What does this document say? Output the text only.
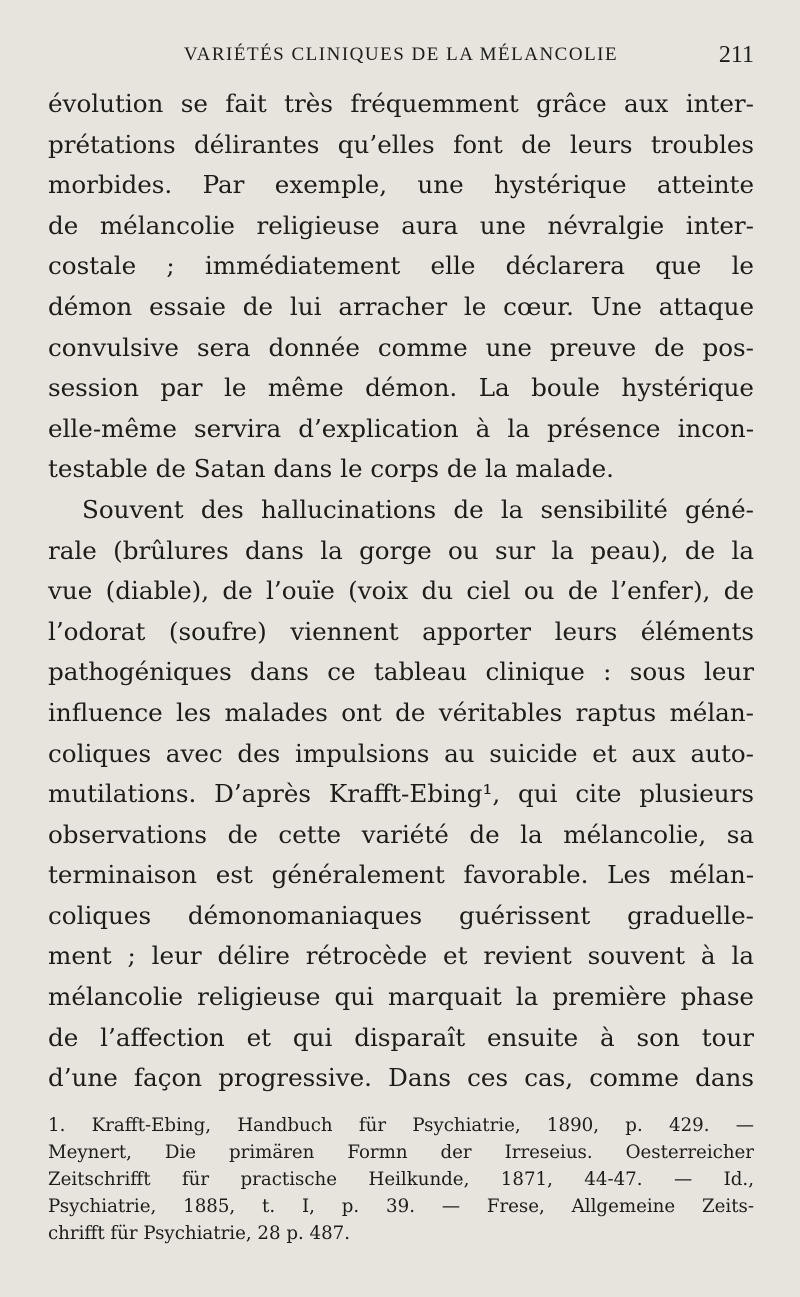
VARIÉTÉS CLINIQUES DE LA MÉLANCOLIE	211
évolution se fait très fréquemment grâce aux inter-
prétations délirantes qu’elles font de leurs troubles
morbides. Par exemple, une hystérique atteinte
de mélancolie religieuse aura une névralgie inter-
costale ; immédiatement elle déclarera que le
démon essaie de lui arracher le cœur. Une attaque
convulsive sera donnée comme une preuve de pos-
session par le même démon. La boule hystérique
elle-même servira d’explication à la présence incon-
testable de Satan dans le corps de la malade.
Souvent des hallucinations de la sensibilité géné-
rale (brûlures dans la gorge ou sur la peau), de la
vue (diable), de l’ouïe (voix du ciel ou de l’enfer), de
l’odorat (soufre) viennent apporter leurs éléments
pathogéniques dans ce tableau clinique : sous leur
influence les malades ont de véritables raptus mélan-
coliques avec des impulsions au suicide et aux auto-
mutilations. D’après Krafft-Ebing¹, qui cite plusieurs
observations de cette variété de la mélancolie, sa
terminaison est généralement favorable. Les mélan-
coliques démonomaniaques guérissent graduelle-
ment ; leur délire rétrocède et revient souvent à la
mélancolie religieuse qui marquait la première phase
de l’affection et qui disparaît ensuite à son tour
d’une façon progressive. Dans ces cas, comme dans
1. Krafft-Ebing, Handbuch für Psychiatrie, 1890, p. 429. —
Meynert, Die primären Formn der Irreseius. Oesterreicher
Zeitschrifft für practische Heilkunde, 1871, 44-47. — Id.,
Psychiatrie, 1885, t. I, p. 39. — Frese, Allgemeine Zeits-
chrifft für Psychiatrie, 28 p. 487.
